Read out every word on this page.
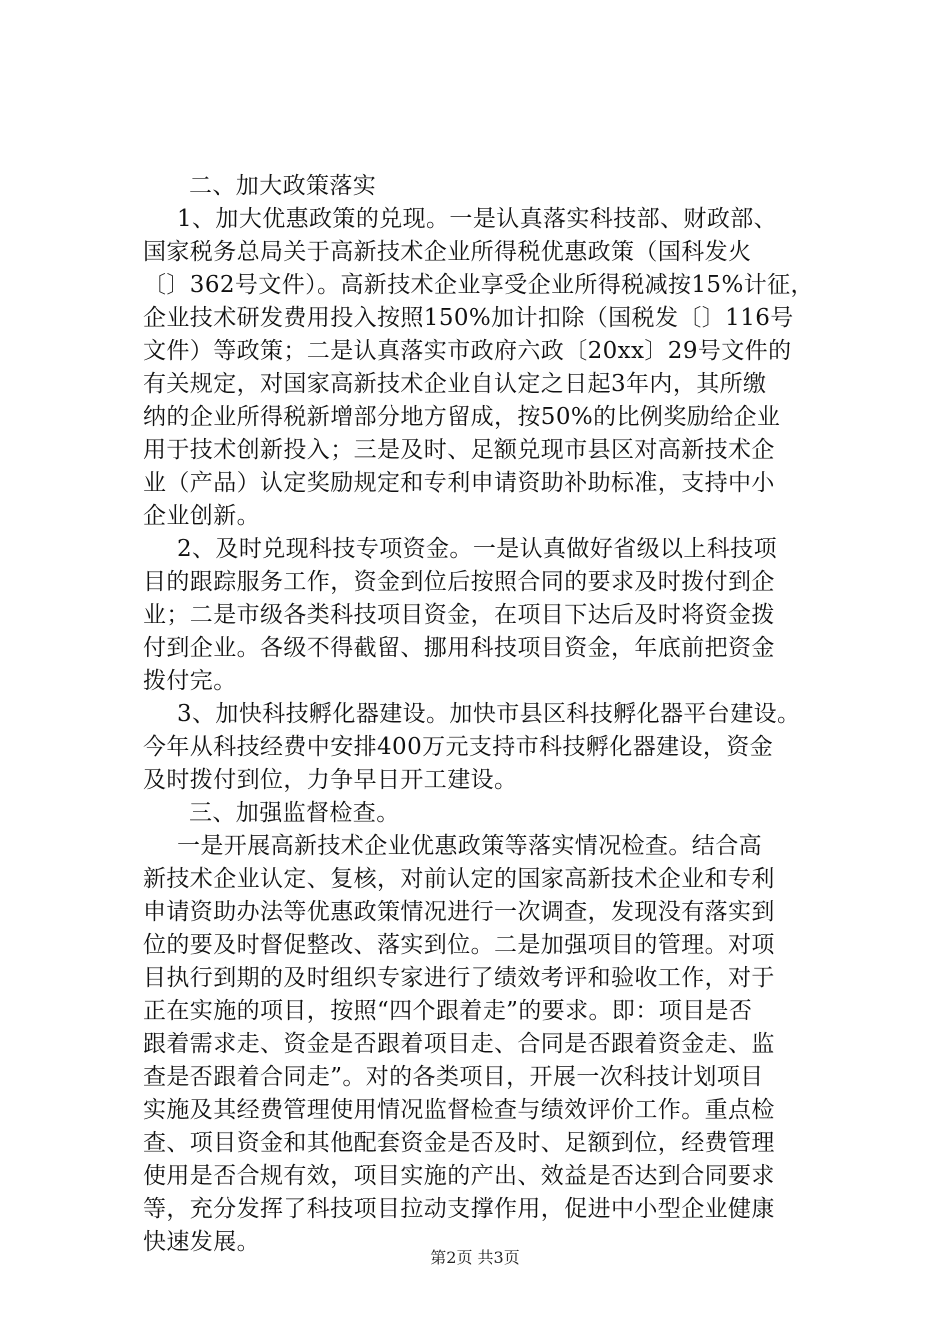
二、加大政策落实
1、加大优惠政策的兑现。一是认真落实科技部、财政部、
国家税务总局关于高新技术企业所得税优惠政策（国科发火
〔〕362号文件）。高新技术企业享受企业所得税减按15%计征，
企业技术研发费用投入按照150%加计扣除（国税发〔〕116号
文件）等政策；二是认真落实市政府六政〔20xx〕29号文件的
有关规定，对国家高新技术企业自认定之日起3年内，其所缴
纳的企业所得税新增部分地方留成，按50%的比例奖励给企业
用于技术创新投入；三是及时、足额兑现市县区对高新技术企
业（产品）认定奖励规定和专利申请资助补助标准，支持中小
企业创新。
2、及时兑现科技专项资金。一是认真做好省级以上科技项
目的跟踪服务工作，资金到位后按照合同的要求及时拨付到企
业；二是市级各类科技项目资金，在项目下达后及时将资金拨
付到企业。各级不得截留、挪用科技项目资金，年底前把资金
拨付完。
3、加快科技孵化器建设。加快市县区科技孵化器平台建设。
今年从科技经费中安排400万元支持市科技孵化器建设，资金
及时拨付到位，力争早日开工建设。
三、加强监督检查。
一是开展高新技术企业优惠政策等落实情况检查。结合高
新技术企业认定、复核，对前认定的国家高新技术企业和专利
申请资助办法等优惠政策情况进行一次调查，发现没有落实到
位的要及时督促整改、落实到位。二是加强项目的管理。对项
目执行到期的及时组织专家进行了绩效考评和验收工作，对于
正在实施的项目，按照“四个跟着走”的要求。即：项目是否
跟着需求走、资金是否跟着项目走、合同是否跟着资金走、监
查是否跟着合同走”。对的各类项目，开展一次科技计划项目
实施及其经费管理使用情况监督检查与绩效评价工作。重点检
查、项目资金和其他配套资金是否及时、足额到位，经费管理
使用是否合规有效，项目实施的产出、效益是否达到合同要求
等，充分发挥了科技项目拉动支撑作用，促进中小型企业健康
快速发展。
第2页 共3页
